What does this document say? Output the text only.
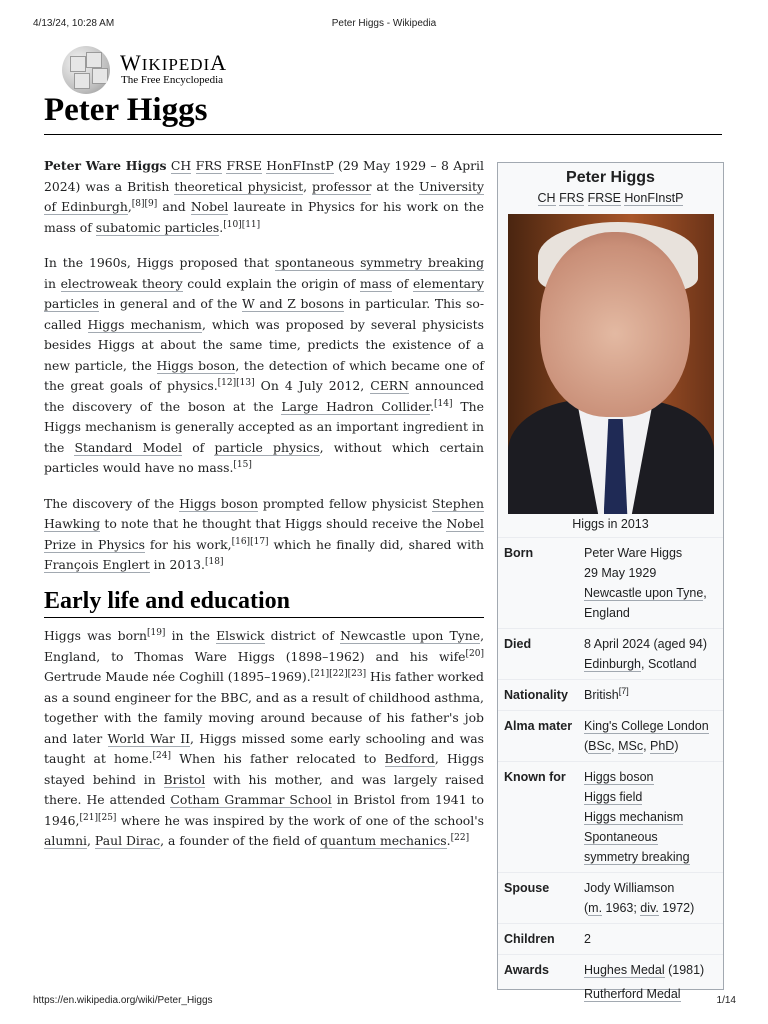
4/13/24, 10:28 AM	Peter Higgs - Wikipedia
WIKIPEDIA
The Free Encyclopedia
Peter Higgs

Peter Ware Higgs CH FRS FRSE HonFInstP (29 May 1929 – 8 April 2024) was a British theoretical physicist, professor at the University of Edinburgh,[8][9] and Nobel laureate in Physics for his work on the mass of subatomic particles.[10][11]

In the 1960s, Higgs proposed that spontaneous symmetry breaking in electroweak theory could explain the origin of mass of elementary particles in general and of the W and Z bosons in particular. This so-called Higgs mechanism, which was proposed by several physicists besides Higgs at about the same time, predicts the existence of a new particle, the Higgs boson, the detection of which became one of the great goals of physics.[12][13] On 4 July 2012, CERN announced the discovery of the boson at the Large Hadron Collider.[14] The Higgs mechanism is generally accepted as an important ingredient in the Standard Model of particle physics, without which certain particles would have no mass.[15]

The discovery of the Higgs boson prompted fellow physicist Stephen Hawking to note that he thought that Higgs should receive the Nobel Prize in Physics for his work,[16][17] which he finally did, shared with François Englert in 2013.[18]

Early life and education

Higgs was born[19] in the Elswick district of Newcastle upon Tyne, England, to Thomas Ware Higgs (1898–1962) and his wife[20] Gertrude Maude née Coghill (1895–1969).[21][22][23] His father worked as a sound engineer for the BBC, and as a result of childhood asthma, together with the family moving around because of his father's job and later World War II, Higgs missed some early schooling and was taught at home.[24] When his father relocated to Bedford, Higgs stayed behind in Bristol with his mother, and was largely raised there. He attended Cotham Grammar School in Bristol from 1941 to 1946,[21][25] where he was inspired by the work of one of the school's alumni, Paul Dirac, a founder of the field of quantum mechanics.[22]

Peter Higgs
CH FRS FRSE HonFInstP
Higgs in 2013
Born	Peter Ware Higgs
29 May 1929
Newcastle upon Tyne,
England
Died	8 April 2024 (aged 94)
Edinburgh, Scotland
Nationality	British[7]
Alma mater King's College London
(BSc, MSc, PhD)
Known for	Higgs boson
Higgs field
Higgs mechanism
Spontaneous
symmetry breaking
Spouse	Jody Williamson
(m. 1963; div. 1972)
Children	2
Awards	Hughes Medal (1981)
Rutherford Medal
https://en.wikipedia.org/wiki/Peter_Higgs	1/14
